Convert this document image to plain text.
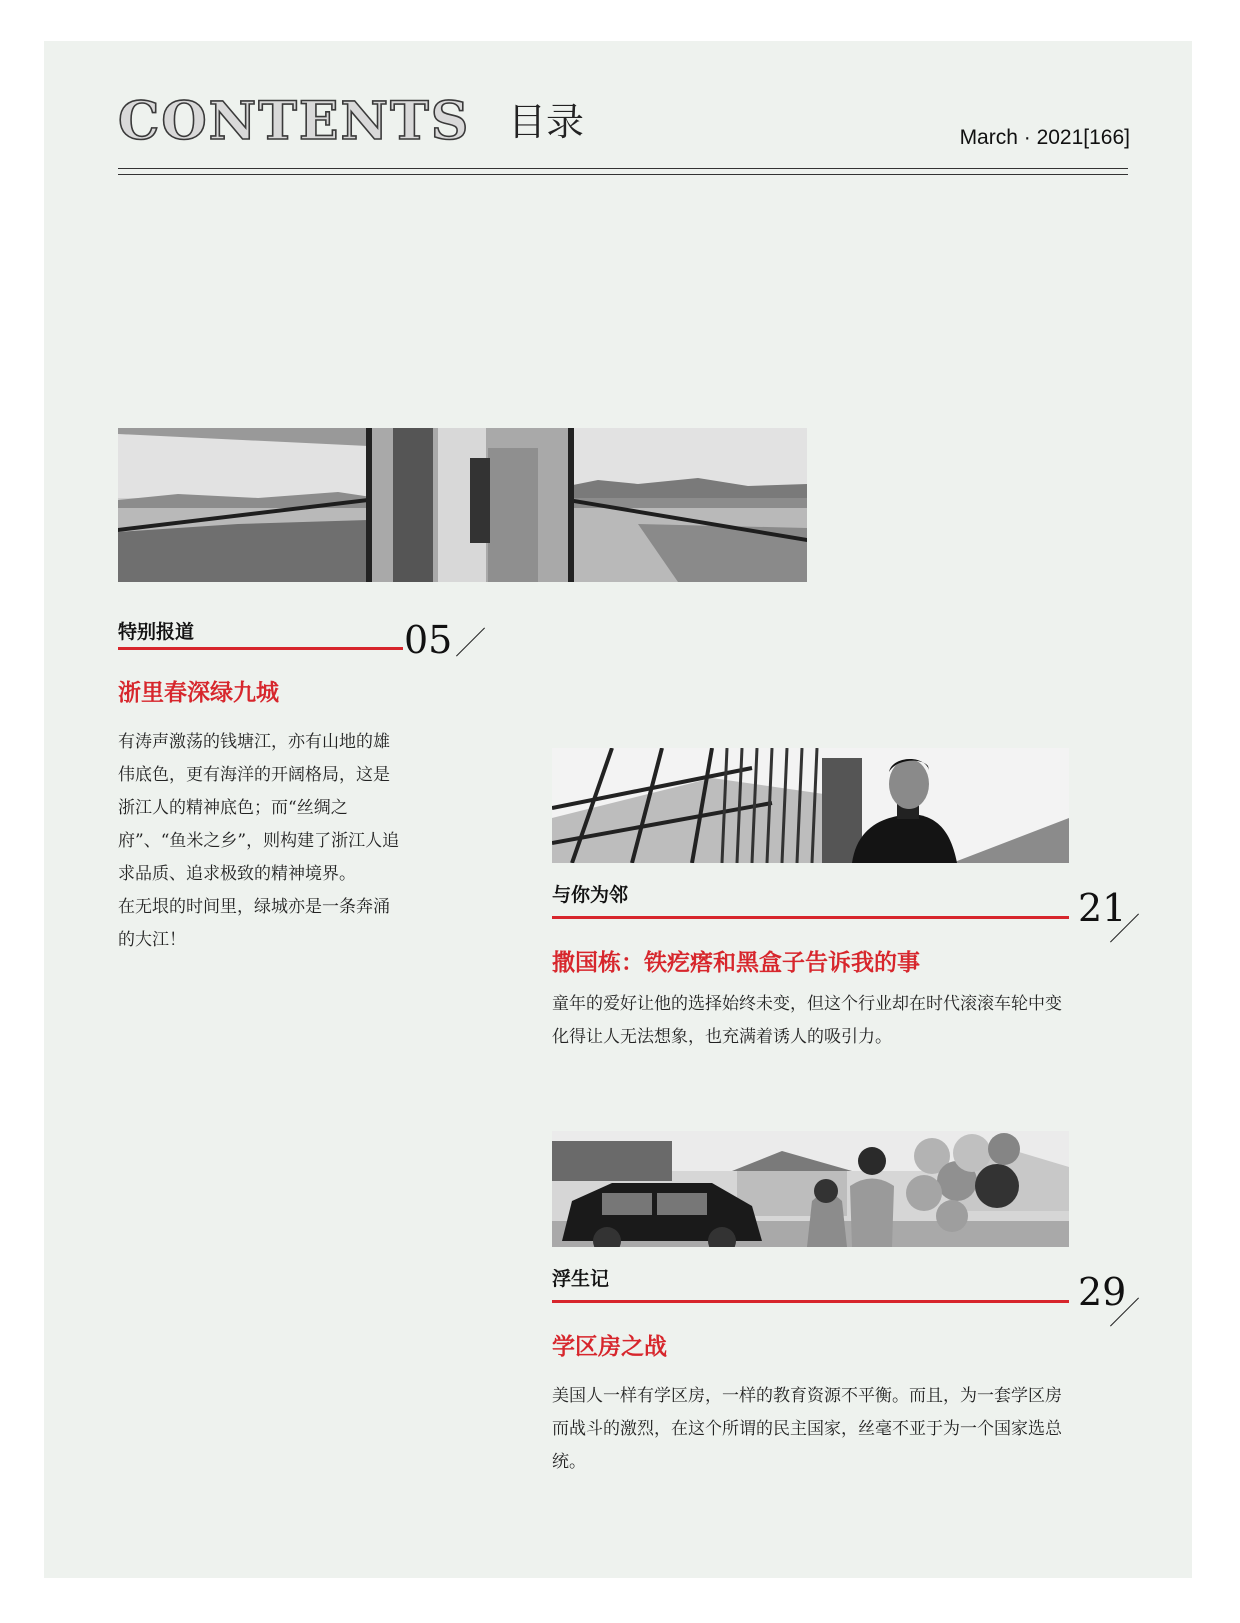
CONTENTS 目录	March · 2021[166]
特别报道	05
浙里春深绿九城

有涛声激荡的钱塘江，亦有山地的雄伟底色，更有海洋的开阔格局，这是浙江人的精神底色；而“丝绸之府”、“鱼米之乡”，则构建了浙江人追求品质、追求极致的精神境界。

在无垠的时间里，绿城亦是一条奔涌的大江！

与你为邻	21
撒国栋：铁疙瘩和黑盒子告诉我的事

童年的爱好让他的选择始终未变，但这个行业却在时代滚滚车轮中变化得让人无法想象，也充满着诱人的吸引力。

浮生记	29
学区房之战

美国人一样有学区房，一样的教育资源不平衡。而且，为一套学区房而战斗的激烈，在这个所谓的民主国家，丝毫不亚于为一个国家选总统。
